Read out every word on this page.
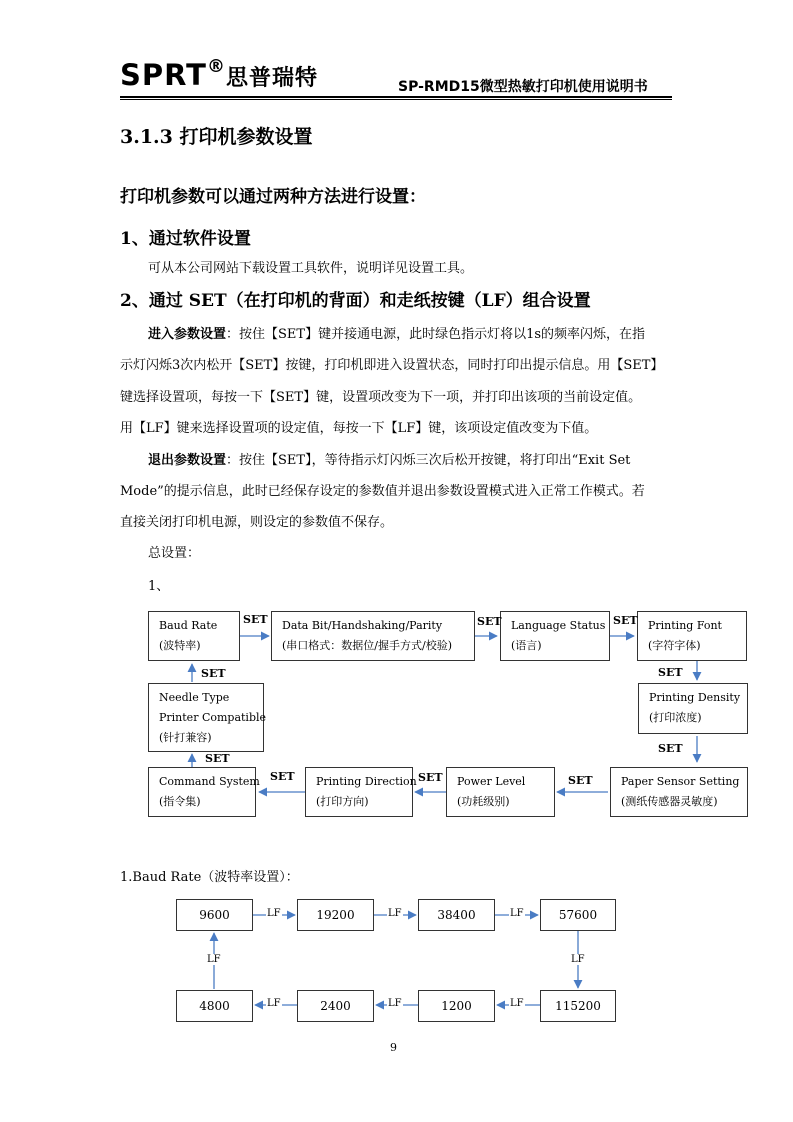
SPRT®思普瑞特	SP-RMD15微型热敏打印机使用说明书
3.1.3 打印机参数设置
打印机参数可以通过两种方法进行设置：
1、通过软件设置
可从本公司网站下载设置工具软件，说明详见设置工具。
2、通过 SET（在打印机的背面）和走纸按键（LF）组合设置
进入参数设置：按住【SET】键并接通电源，此时绿色指示灯将以1s的频率闪烁，在指
示灯闪烁3次内松开【SET】按键，打印机即进入设置状态，同时打印出提示信息。用【SET】
键选择设置项，每按一下【SET】键，设置项改变为下一项，并打印出该项的当前设定值。
用【LF】键来选择设置项的设定值，每按一下【LF】键，该项设定值改变为下值。
退出参数设置：按住【SET】，等待指示灯闪烁三次后松开按键，将打印出“Exit Set
Mode”的提示信息，此时已经保存设定的参数值并退出参数设置模式进入正常工作模式。若
直接关闭打印机电源，则设定的参数值不保存。
总设置：
1、
Baud Rate
(波特率)
Data Bit/Handshaking/Parity
(串口格式：数据位/握手方式/校验)
Language Status
(语言)
Printing Font
(字符字体)
Printing Density
(打印浓度)
Paper Sensor Setting
(测纸传感器灵敏度)
Power Level
(功耗级别)
Printing Direction
(打印方向)
Command System
(指令集)
Needle Type
Printer Compatible
(针打兼容)
SET	SET	SET
SET
SET
SET
SET
SET
SET
SET
1.Baud Rate（波特率设置）：
9600	19200	38400	57600
115200
1200
2400
4800
LF	LF	LF
LF
LF
LF
LF
LF
9
